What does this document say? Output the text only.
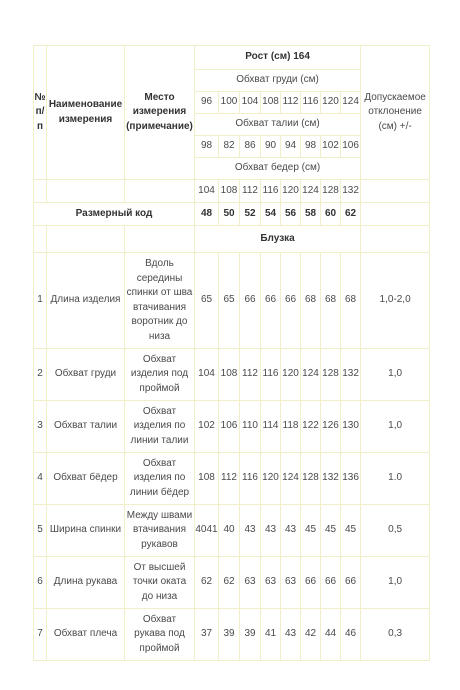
№ п/п	Наименование измерения	Место измерения (примечание)	Рост (см) 164								Допускаемое отклонение (см) +/-
			Обхват груди (см)								
			96	100	104	108	112	116	120	124	
			Обхват талии (см)								
			98	82	86	90	94	98	102	106	
			Обхват бедер (см)								
			104	108	112	116	120	124	128	132	
Размерный код			48	50	52	54	56	58	60	62	
			Блузка								
1	Длина изделия	Вдоль середины спинки от шва втачивания воротник до низа	65	65	66	66	66	68	68	68	1,0-2,0
2	Обхват груди	Обхват изделия под проймой	104	108	112	116	120	124	128	132	1,0
3	Обхват талии	Обхват изделия по линии талии	102	106	110	114	118	122	126	130	1,0
4	Обхват бёдер	Обхват изделия по линии бёдер	108	112	116	120	124	128	132	136	1.0
5	Ширина спинки	Между швами втачивания рукавов	4041	40	43	43	43	45	45	45	0,5
6	Длина рукава	От высшей точки оката до низа	62	62	63	63	63	66	66	66	1,0
7	Обхват плеча	Обхват рукава под проймой	37	39	39	41	43	42	44	46	0,3
